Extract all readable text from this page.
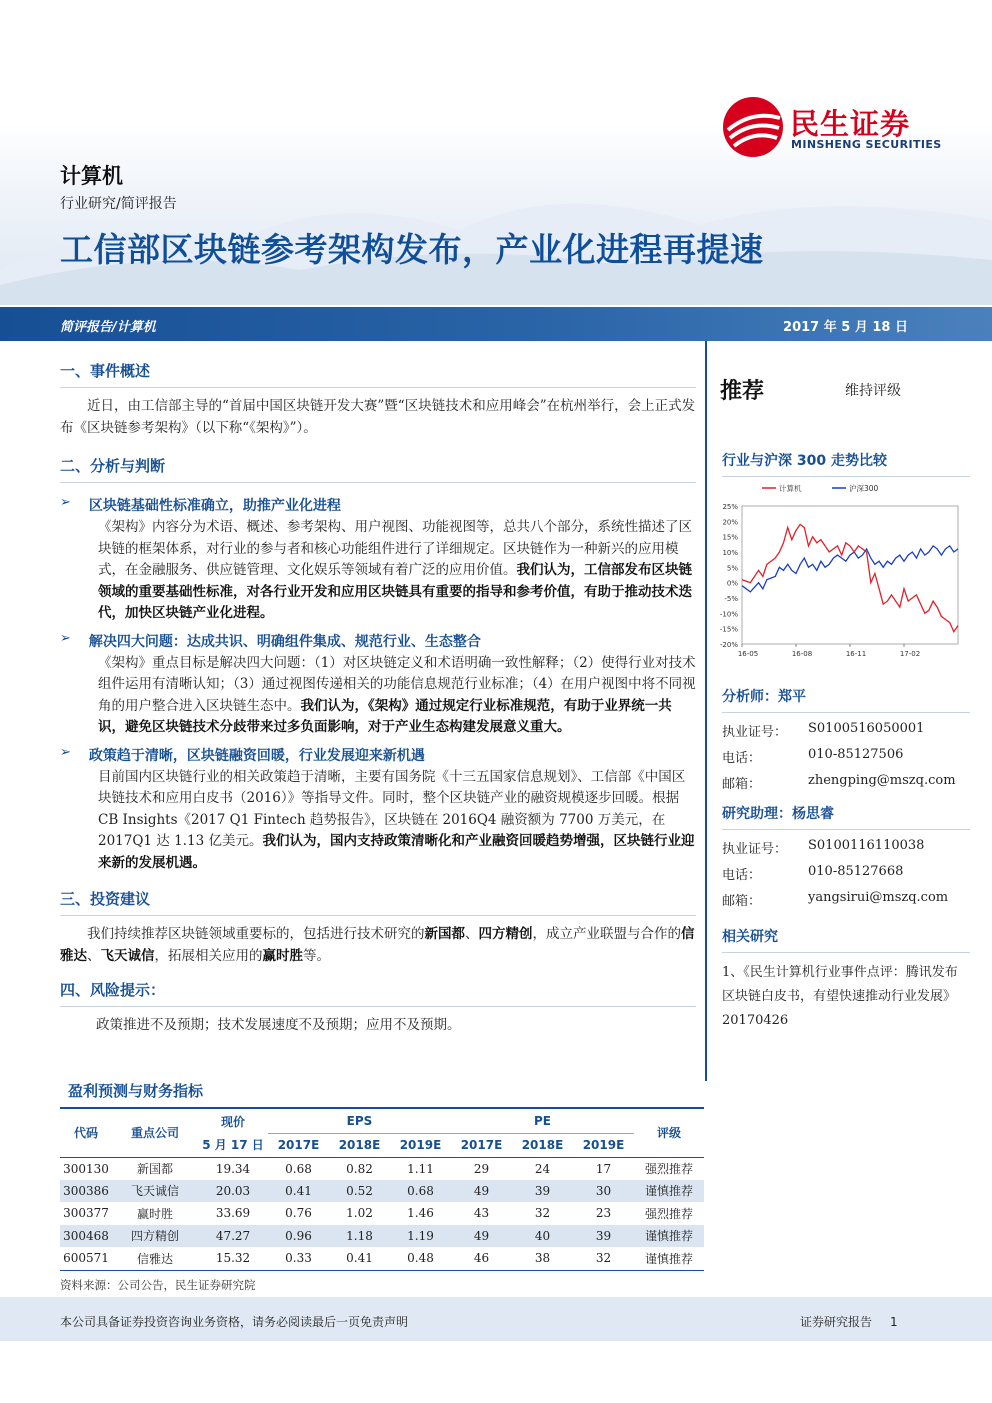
民生证券
MINSHENG SECURITIES
计算机
行业研究/简评报告
工信部区块链参考架构发布，产业化进程再提速
简评报告/计算机	2017 年 5 月 18 日
一、事件概述
近日，由工信部主导的“首届中国区块链开发大赛”暨“区块链技术和应用峰会”在杭州举行，会上正式发布《区块链参考架构》（以下称“《架构》”）。
二、分析与判断
➢ 区块链基础性标准确立，助推产业化进程
《架构》内容分为术语、概述、参考架构、用户视图、功能视图等，总共八个部分，系统性描述了区块链的框架体系，对行业的参与者和核心功能组件进行了详细规定。区块链作为一种新兴的应用模式，在金融服务、供应链管理、文化娱乐等领域有着广泛的应用价值。我们认为，工信部发布区块链领域的重要基础性标准，对各行业开发和应用区块链具有重要的指导和参考价值，有助于推动技术迭代，加快区块链产业化进程。
➢ 解决四大问题：达成共识、明确组件集成、规范行业、生态整合
《架构》重点目标是解决四大问题：（1）对区块链定义和术语明确一致性解释；（2）使得行业对技术组件运用有清晰认知；（3）通过视图传递相关的功能信息规范行业标准；（4）在用户视图中将不同视角的用户整合进入区块链生态中。我们认为，《架构》通过规定行业标准规范，有助于业界统一共识，避免区块链技术分歧带来过多负面影响，对于产业生态构建发展意义重大。
➢ 政策趋于清晰，区块链融资回暖，行业发展迎来新机遇
目前国内区块链行业的相关政策趋于清晰，主要有国务院《十三五国家信息规划》、工信部《中国区块链技术和应用白皮书（2016）》等指导文件。同时，整个区块链产业的融资规模逐步回暖。根据 CB Insights《2017 Q1 Fintech 趋势报告》，区块链在 2016Q4 融资额为 7700 万美元，在 2017Q1 达 1.13 亿美元。我们认为，国内支持政策清晰化和产业融资回暖趋势增强，区块链行业迎来新的发展机遇。
三、投资建议
我们持续推荐区块链领域重要标的，包括进行技术研究的新国都、四方精创，成立产业联盟与合作的信雅达、飞天诚信，拓展相关应用的赢时胜等。
四、风险提示：
政策推进不及预期；技术发展速度不及预期；应用不及预期。
推荐	维持评级
行业与沪深 300 走势比较
25%
20%
15%
10%
5%
0%
-5%
-10%
-15%
-20%
16-05	16-08	16-11	17-02
计算机	沪深300
分析师：郑平
执业证号：	S0100516050001
电话：	010-85127506
邮箱：	zhengping@mszq.com
研究助理：杨思睿
执业证号：	S0100116110038
电话：	010-85127668
邮箱：	yangsirui@mszq.com
相关研究
1、《民生计算机行业事件点评：腾讯发布区块链白皮书，有望快速推动行业发展》20170426
盈利预测与财务指标
代码	重点公司	现价	EPS			PE			评级
		5 月 17 日	2017E	2018E	2019E	2017E	2018E	2019E	
300130	新国都	19.34	0.68	0.82	1.11	29	24	17	强烈推荐
300386	飞天诚信	20.03	0.41	0.52	0.68	49	39	30	谨慎推荐
300377	赢时胜	33.69	0.76	1.02	1.46	43	32	23	强烈推荐
300468	四方精创	47.27	0.96	1.18	1.19	49	40	39	谨慎推荐
600571	信雅达	15.32	0.33	0.41	0.48	46	38	32	谨慎推荐
资料来源：公司公告，民生证券研究院
本公司具备证券投资咨询业务资格，请务必阅读最后一页免责声明	证券研究报告 1
